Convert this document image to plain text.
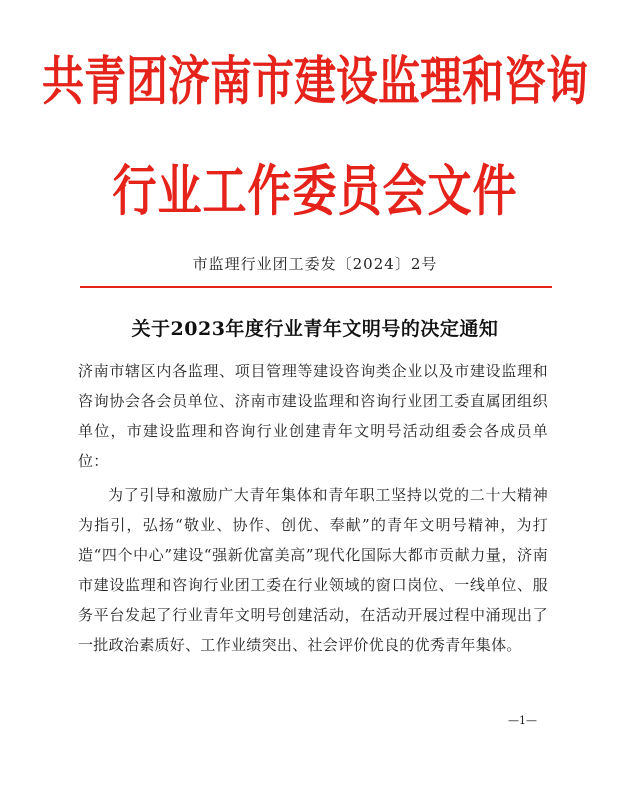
共青团济南市建设监理和咨询
行业工作委员会文件
市监理行业团工委发〔2024〕2号
关于2023年度行业青年文明号的决定通知
济南市辖区内各监理、项目管理等建设咨询类企业以及市建设监理和咨询协会各会员单位、济南市建设监理和咨询行业团工委直属团组织单位，市建设监理和咨询行业创建青年文明号活动组委会各成员单位：
为了引导和激励广大青年集体和青年职工坚持以党的二十大精神为指引，弘扬“敬业、协作、创优、奉献”的青年文明号精神，为打造“四个中心”建设“强新优富美高”现代化国际大都市贡献力量，济南市建设监理和咨询行业团工委在行业领域的窗口岗位、一线单位、服务平台发起了行业青年文明号创建活动，在活动开展过程中涌现出了一批政治素质好、工作业绩突出、社会评价优良的优秀青年集体。
—1—
